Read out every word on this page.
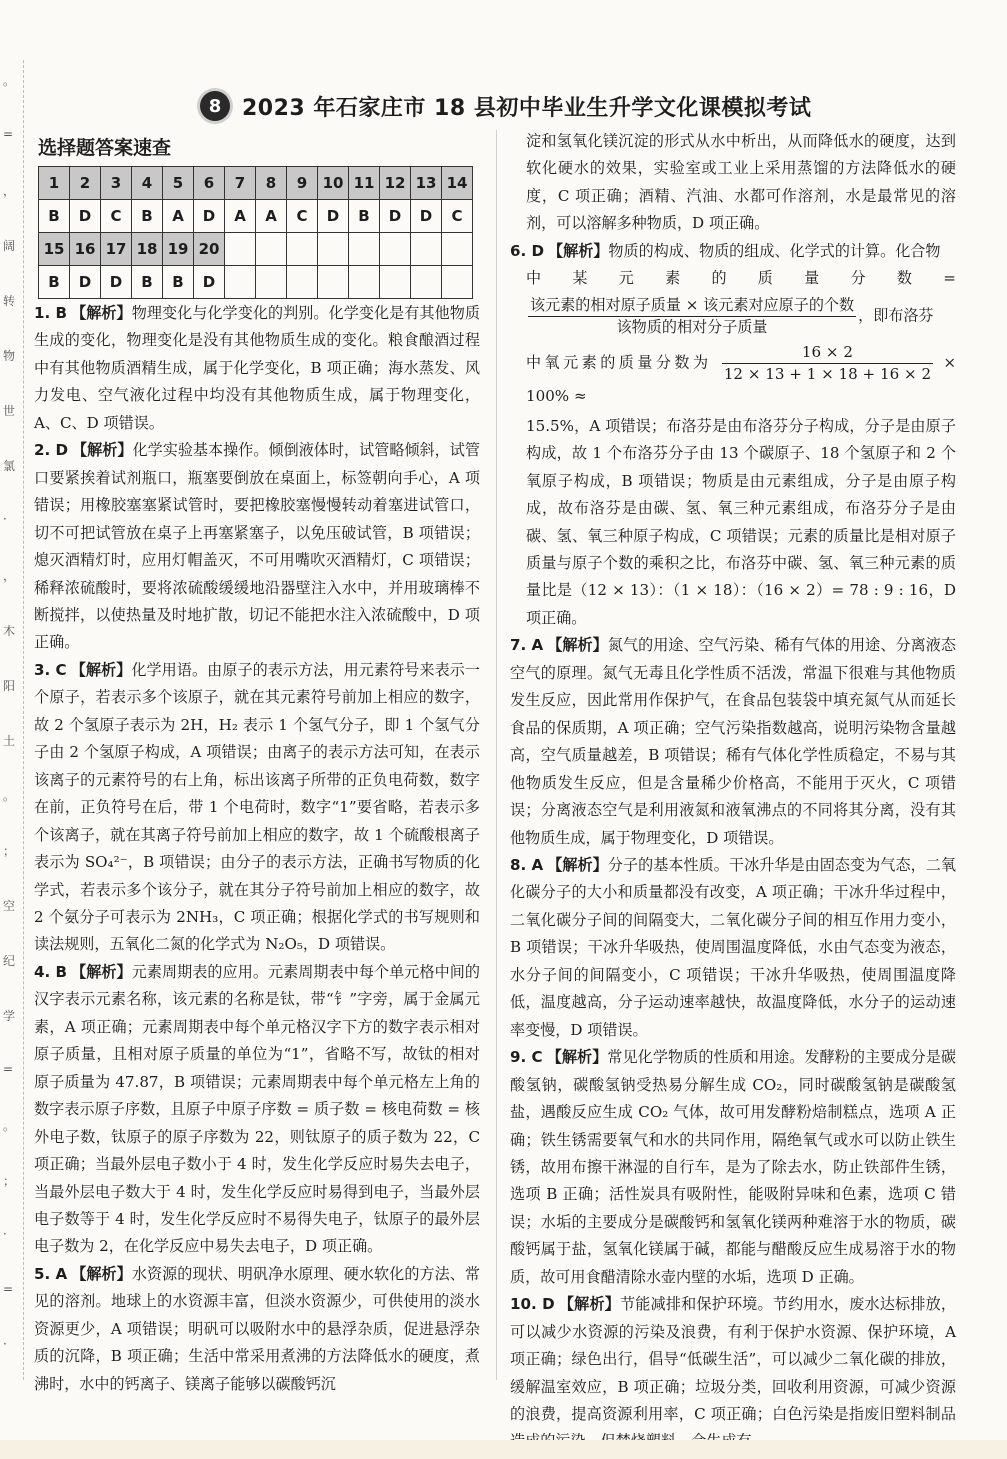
。
=
，
阔
转
物
世
氯
·
，
木
阳
土
。
；
空
纪
学
=
。
；
·
=
·
8 2023 年石家庄市 18 县初中毕业生升学文化课模拟考试
选择题答案速查
1	2	3	4	5	6	7	8	9	10	11	12	13	14
B	D	C	B	A	D	A	A	C	D	B	D	D	C
15	16	17	18	19	20								
B	D	D	B	B	D								

1. B 【解析】物理变化与化学变化的判别。化学变化是有其他物质生成的变化，物理变化是没有其他物质生成的变化。粮食酿酒过程中有其他物质酒精生成，属于化学变化，B 项正确；海水蒸发、风力发电、空气液化过程中均没有其他物质生成，属于物理变化，A、C、D 项错误。

2. D 【解析】化学实验基本操作。倾倒液体时，试管略倾斜，试管口要紧挨着试剂瓶口，瓶塞要倒放在桌面上，标签朝向手心，A 项错误；用橡胶塞塞紧试管时，要把橡胶塞慢慢转动着塞进试管口，切不可把试管放在桌子上再塞紧塞子，以免压破试管，B 项错误；熄灭酒精灯时，应用灯帽盖灭，不可用嘴吹灭酒精灯，C 项错误；稀释浓硫酸时，要将浓硫酸缓缓地沿器壁注入水中，并用玻璃棒不断搅拌，以使热量及时地扩散，切记不能把水注入浓硫酸中，D 项正确。

3. C 【解析】化学用语。由原子的表示方法，用元素符号来表示一个原子，若表示多个该原子，就在其元素符号前加上相应的数字，故 2 个氢原子表示为 2H，H₂ 表示 1 个氢气分子，即 1 个氢气分子由 2 个氢原子构成，A 项错误；由离子的表示方法可知，在表示该离子的元素符号的右上角，标出该离子所带的正负电荷数，数字在前，正负符号在后，带 1 个电荷时，数字“1”要省略，若表示多个该离子，就在其离子符号前加上相应的数字，故 1 个硫酸根离子表示为 SO₄²⁻，B 项错误；由分子的表示方法，正确书写物质的化学式，若表示多个该分子，就在其分子符号前加上相应的数字，故 2 个氨分子可表示为 2NH₃，C 项正确；根据化学式的书写规则和读法规则，五氧化二氮的化学式为 N₂O₅，D 项错误。

4. B 【解析】元素周期表的应用。元素周期表中每个单元格中间的汉字表示元素名称，该元素的名称是钛，带“钅”字旁，属于金属元素，A 项正确；元素周期表中每个单元格汉字下方的数字表示相对原子质量，且相对原子质量的单位为“1”，省略不写，故钛的相对原子质量为 47.87，B 项错误；元素周期表中每个单元格左上角的数字表示原子序数，且原子中原子序数 = 质子数 = 核电荷数 = 核外电子数，钛原子的原子序数为 22，则钛原子的质子数为 22，C 项正确；当最外层电子数小于 4 时，发生化学反应时易失去电子，当最外层电子数大于 4 时，发生化学反应时易得到电子，当最外层电子数等于 4 时，发生化学反应时不易得失电子，钛原子的最外层电子数为 2，在化学反应中易失去电子，D 项正确。

5. A 【解析】水资源的现状、明矾净水原理、硬水软化的方法、常见的溶剂。地球上的水资源丰富，但淡水资源少，可供使用的淡水资源更少，A 项错误；明矾可以吸附水中的悬浮杂质，促进悬浮杂质的沉降，B 项正确；生活中常采用煮沸的方法降低水的硬度，煮沸时，水中的钙离子、镁离子能够以碳酸钙沉

淀和氢氧化镁沉淀的形式从水中析出，从而降低水的硬度，达到软化硬水的效果，实验室或工业上采用蒸馏的方法降低水的硬度，C 项正确；酒精、汽油、水都可作溶剂，水是最常见的溶剂，可以溶解多种物质，D 项正确。

6. D 【解析】物质的构成、物质的组成、化学式的计算。化合物

中 某 元 素 的 质 量 分 数 =

$\frac{\text{该元素的相对原子质量 × 该元素对应原子的个数}}{\text{该物质的相对分子质量}}$ ，即布洛芬

中氧元素的质量分数为 $\frac{16 \times 2}{12 \times 13 + 1 \times 18 + 16 \times 2} \times 100\%$ ≈

15.5%，A 项错误；布洛芬是由布洛芬分子构成，分子是由原子构成，故 1 个布洛芬分子由 13 个碳原子、18 个氢原子和 2 个氧原子构成，B 项错误；物质是由元素组成，分子是由原子构成，故布洛芬是由碳、氢、氧三种元素组成，布洛芬分子是由碳、氢、氧三种原子构成，C 项错误；元素的质量比是相对原子质量与原子个数的乘积之比，布洛芬中碳、氢、氧三种元素的质量比是（12 × 13）：（1 × 18）：（16 × 2）= 78 : 9 : 16，D 项正确。

7. A 【解析】氮气的用途、空气污染、稀有气体的用途、分离液态空气的原理。氮气无毒且化学性质不活泼，常温下很难与其他物质发生反应，因此常用作保护气，在食品包装袋中填充氮气从而延长食品的保质期，A 项正确；空气污染指数越高，说明污染物含量越高，空气质量越差，B 项错误；稀有气体化学性质稳定，不易与其他物质发生反应，但是含量稀少价格高，不能用于灭火，C 项错误；分离液态空气是利用液氮和液氧沸点的不同将其分离，没有其他物质生成，属于物理变化，D 项错误。

8. A 【解析】分子的基本性质。干冰升华是由固态变为气态，二氧化碳分子的大小和质量都没有改变，A 项正确；干冰升华过程中，二氧化碳分子间的间隔变大，二氧化碳分子间的相互作用力变小，B 项错误；干冰升华吸热，使周围温度降低，水由气态变为液态，水分子间的间隔变小，C 项错误；干冰升华吸热，使周围温度降低，温度越高，分子运动速率越快，故温度降低，水分子的运动速率变慢，D 项错误。

9. C 【解析】常见化学物质的性质和用途。发酵粉的主要成分是碳酸氢钠，碳酸氢钠受热易分解生成 CO₂，同时碳酸氢钠是碳酸氢盐，遇酸反应生成 CO₂ 气体，故可用发酵粉焙制糕点，选项 A 正确；铁生锈需要氧气和水的共同作用，隔绝氧气或水可以防止铁生锈，故用布擦干淋湿的自行车，是为了除去水，防止铁部件生锈，选项 B 正确；活性炭具有吸附性，能吸附异味和色素，选项 C 错误；水垢的主要成分是碳酸钙和氢氧化镁两种难溶于水的物质，碳酸钙属于盐，氢氧化镁属于碱，都能与醋酸反应生成易溶于水的物质，故可用食醋清除水壶内壁的水垢，选项 D 正确。

10. D 【解析】节能减排和保护环境。节约用水，废水达标排放，可以减少水资源的污染及浪费，有利于保护水资源、保护环境，A 项正确；绿色出行，倡导“低碳生活”，可以减少二氧化碳的排放，缓解温室效应，B 项正确；垃圾分类，回收利用资源，可减少资源的浪费，提高资源利用率，C 项正确；白色污染是指废旧塑料制品
